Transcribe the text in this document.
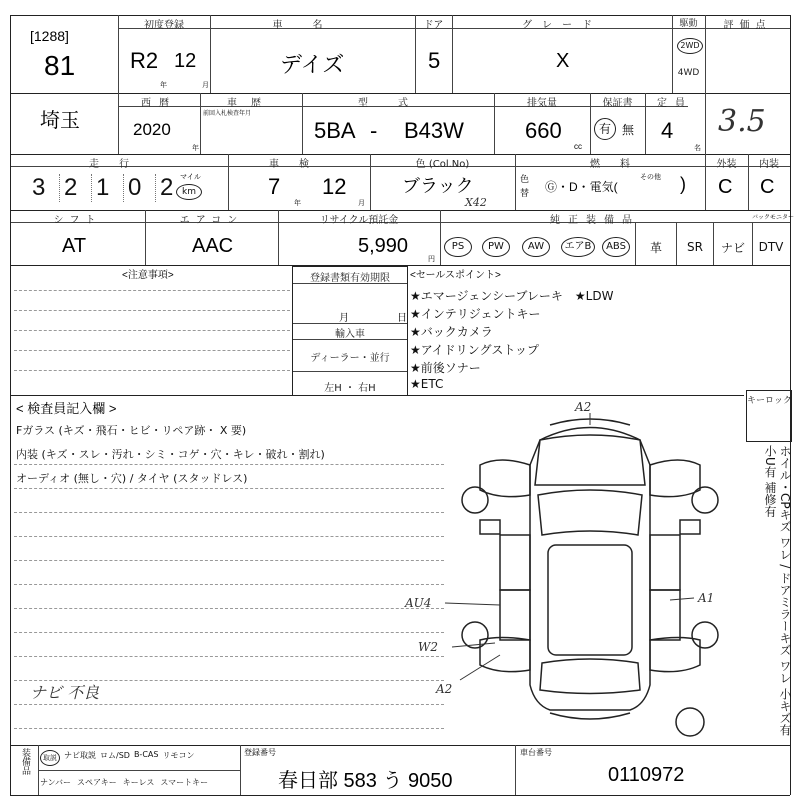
[1288]
81
初度登録
R2 12
年	月
車名
デイズ
ドア
5
グレード
X
駆動
2WD
4WD
評価点
3.5
埼玉
西暦
2020
年
車歴
前回入札検査年月
型式
5BA - B43W
排気量
660
cc
保証書
有 無
定員
4
名
走行
3 2 1 0 2 マイル
km
車検
7 12
年	月
色 (Col.No)
ブラック
X42
色
替
燃料
Ⓖ・D・電気(
その他 )
外装
C
内装
C
シフト
AT
エアコン
AAC
リサイクル預託金
5,990
円
純正装備品	バックモニター
PS	PW	AW	エアB	ABS	革	SR	ナビ	DTV
<注意事項>	登録書類有効期限
月	日
輸入車
ディーラー・並行
左H ・ 右H
<セールスポイント>
★エマージェンシーブレーキ　★LDW
★インテリジェントキー
★バックカメラ
★アイドリングストップ
★前後ソナー
★ETC
< 検査員記入欄 >
Fガラス (キズ・飛石・ヒビ・リペア跡・ X 要)
内装 (キズ・スレ・汚れ・シミ・コゲ・穴・キレ・破れ・割れ)
オーディオ (無し・穴) / タイヤ (スタッドレス)
ナビ 不良
キーロック
ホイル・CPキズ ワレ / ドアミラーキズ ワレ 小キズ有 小U有 補修有
A2
A1
AU4
W2
A2
装備品	取説 ナビ取説 ロム/SD B-CAS リモコン
ナンバー スペアキー キーレス スマートキー
登録番号
春日部 583 う 9050
車台番号
0110972
